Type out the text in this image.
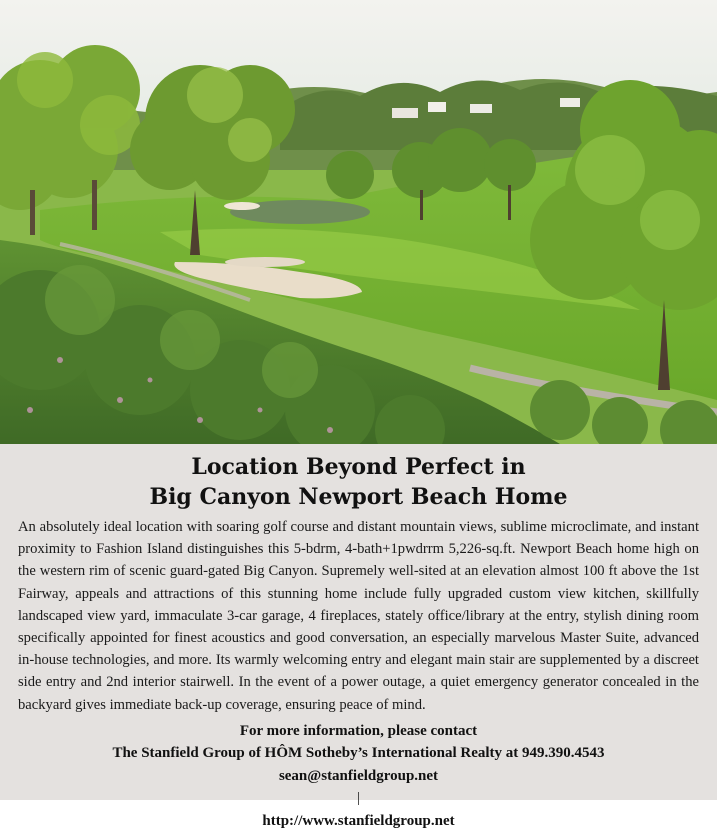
Location Beyond Perfect in
Big Canyon Newport Beach Home

An absolutely ideal location with soaring golf course and distant mountain views, sublime microclimate, and instant proximity to Fashion Island distinguishes this 5-bdrm, 4-bath+1pwdrrm 5,226-sq.ft. Newport Beach home high on the western rim of scenic guard-gated Big Canyon. Supremely well-sited at an elevation almost 100 ft above the 1st Fairway, appeals and attractions of this stunning home include fully upgraded custom view kitchen, skillfully landscaped view yard, immaculate 3-car garage, 4 fireplaces, stately office/library at the entry, stylish dining room specifically appointed for finest acoustics and good conversation, an especially marvelous Master Suite, advanced in-house technologies, and more. Its warmly welcoming entry and elegant main stair are supplemented by a discreet side entry and 2nd interior stairwell. In the event of a power outage, a quiet emergency generator concealed in the backyard gives immediate back-up coverage, ensuring peace of mind.

For more information, please contact
The Stanfield Group of HÔM Sotheby’s International Realty at 949.390.4543
sean@stanfieldgroup.net
|
http://www.stanfieldgroup.net
